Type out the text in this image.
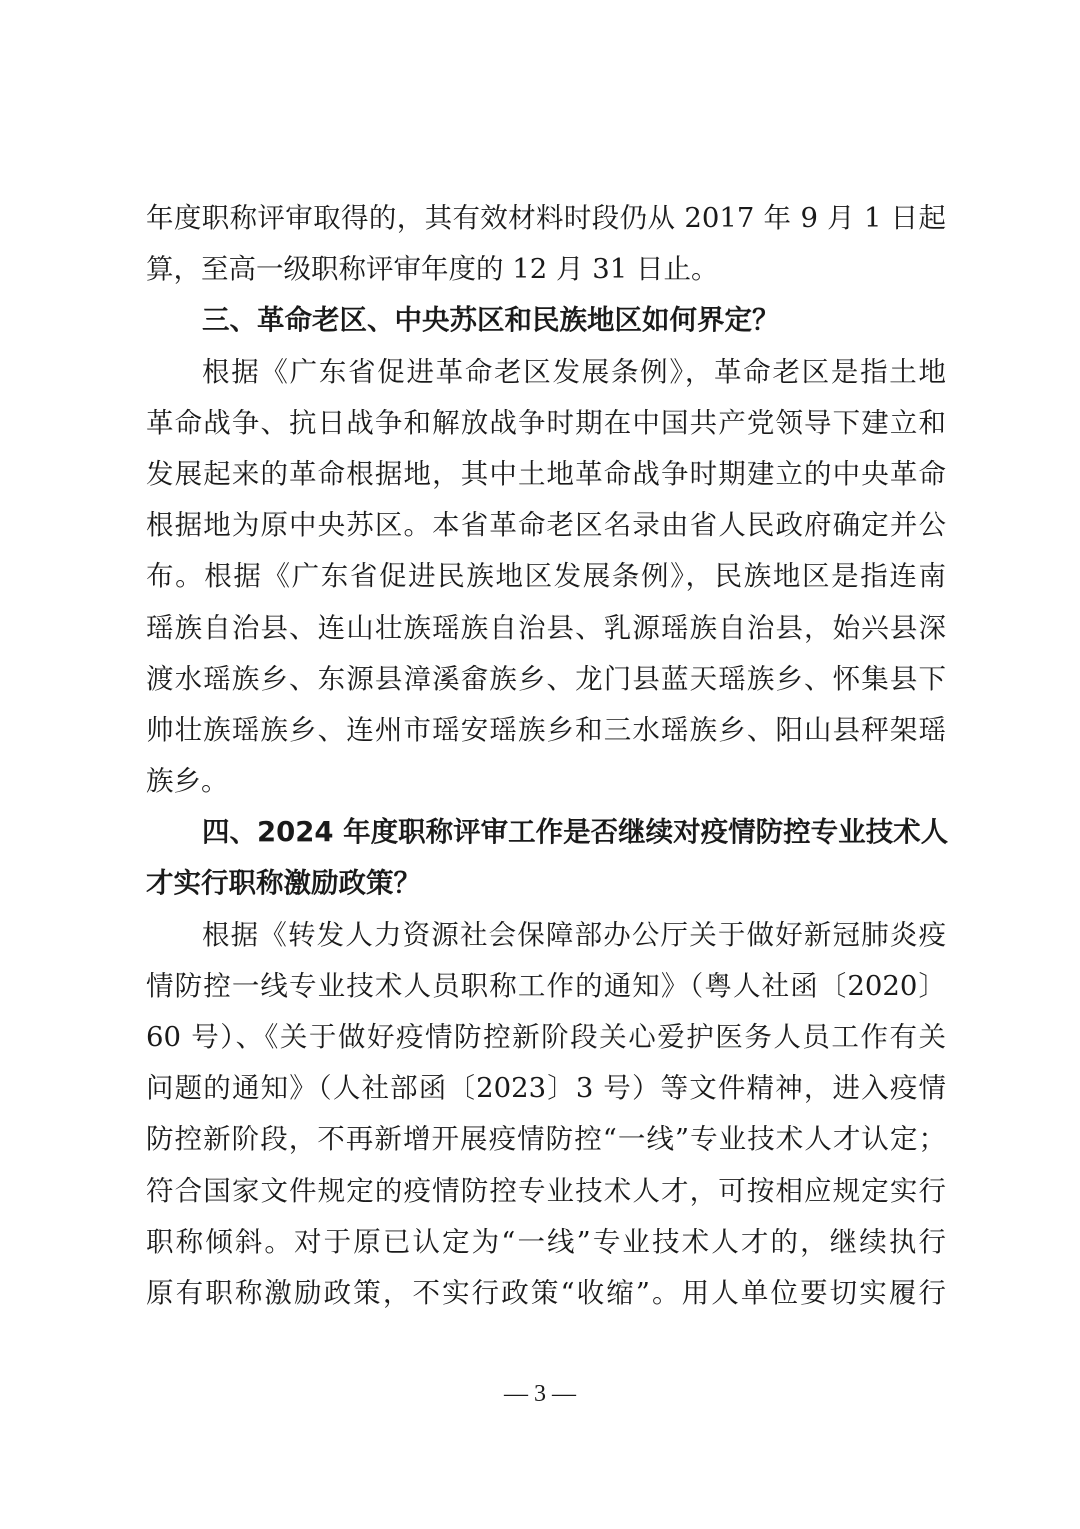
年度职称评审取得的，其有效材料时段仍从 2017 年 9 月 1 日起
算，至高一级职称评审年度的 12 月 31 日止。
三、革命老区、中央苏区和民族地区如何界定？
根据《广东省促进革命老区发展条例》，革命老区是指土地
革命战争、抗日战争和解放战争时期在中国共产党领导下建立和
发展起来的革命根据地，其中土地革命战争时期建立的中央革命
根据地为原中央苏区。本省革命老区名录由省人民政府确定并公
布。根据《广东省促进民族地区发展条例》，民族地区是指连南
瑶族自治县、连山壮族瑶族自治县、乳源瑶族自治县，始兴县深
渡水瑶族乡、东源县漳溪畲族乡、龙门县蓝天瑶族乡、怀集县下
帅壮族瑶族乡、连州市瑶安瑶族乡和三水瑶族乡、阳山县秤架瑶
族乡。
四、2024 年度职称评审工作是否继续对疫情防控专业技术人
才实行职称激励政策？
根据《转发人力资源社会保障部办公厅关于做好新冠肺炎疫
情防控一线专业技术人员职称工作的通知》（粤人社函〔2020〕
60 号）、《关于做好疫情防控新阶段关心爱护医务人员工作有关
问题的通知》（人社部函〔2023〕3 号）等文件精神，进入疫情
防控新阶段，不再新增开展疫情防控“一线”专业技术人才认定；
符合国家文件规定的疫情防控专业技术人才，可按相应规定实行
职称倾斜。对于原已认定为“一线”专业技术人才的，继续执行
原有职称激励政策，不实行政策“收缩”。用人单位要切实履行
— 3 —
